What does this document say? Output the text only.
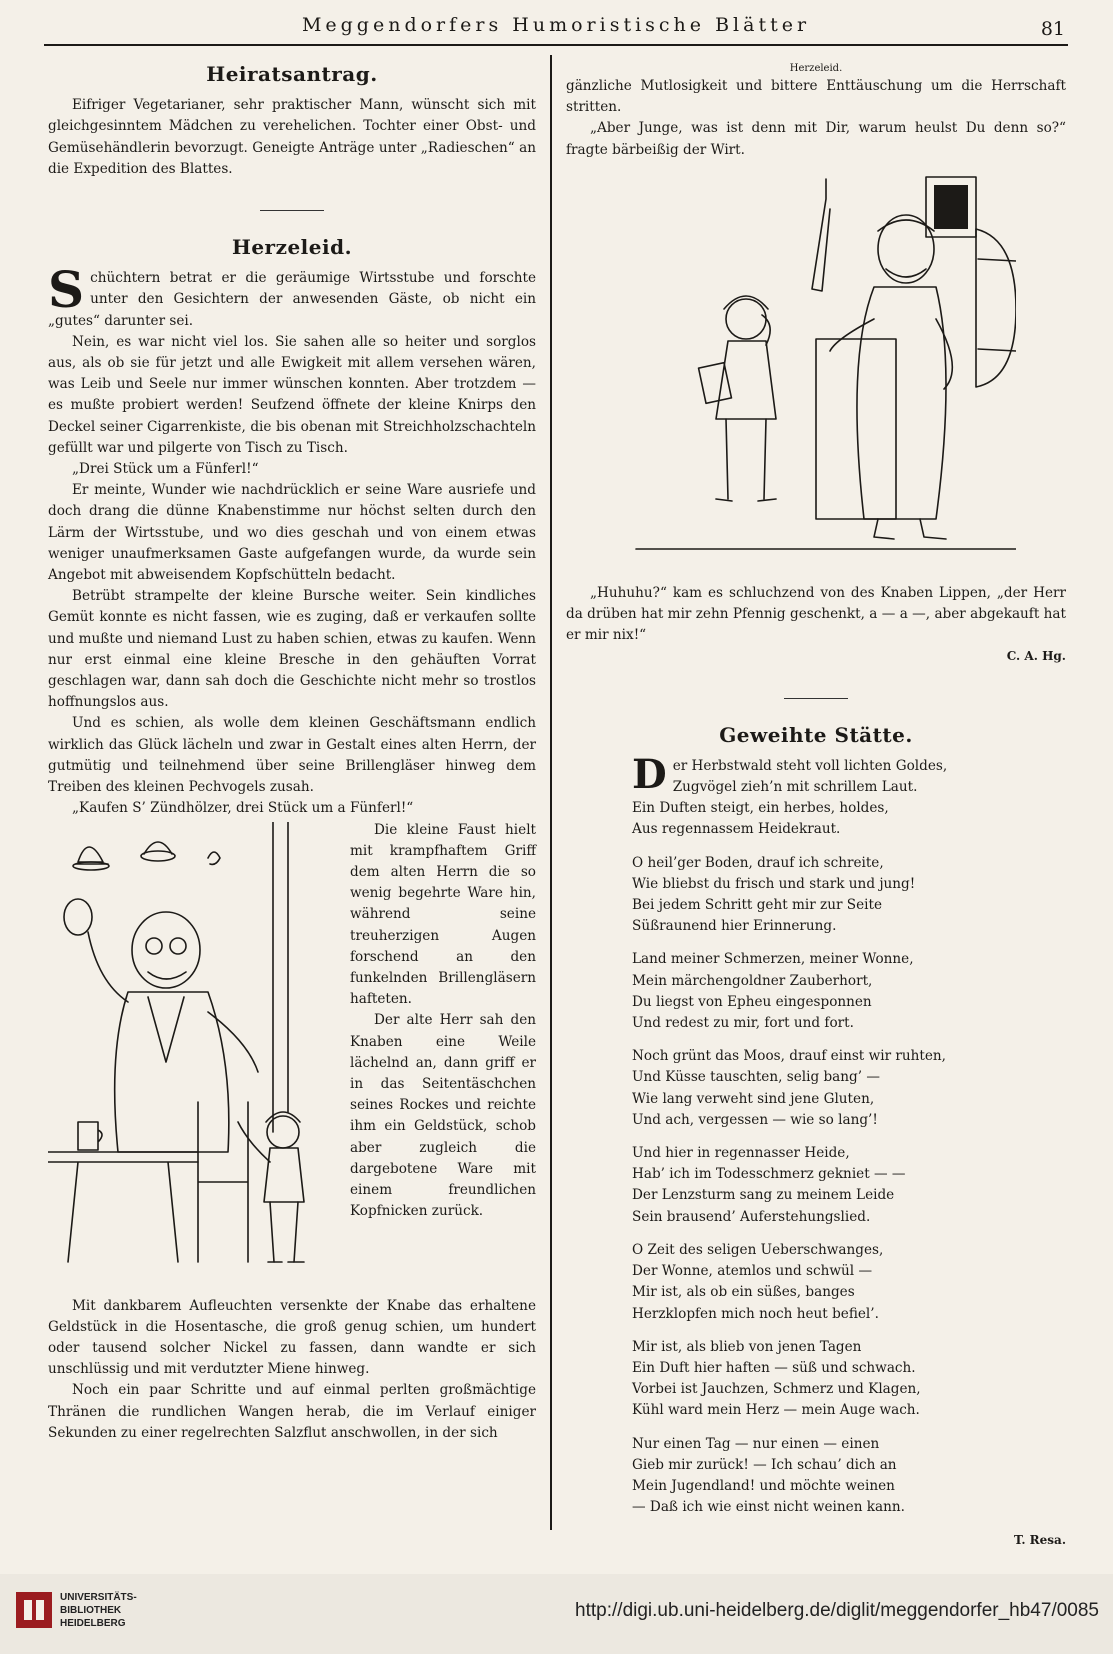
Meggendorfers Humoristische Blätter	81
Heiratsantrag.

Eifriger Vegetarianer, sehr praktischer Mann, wünscht sich mit gleichgesinntem Mädchen zu verehelichen. Tochter einer Obst- und Gemüsehändlerin bevorzugt. Geneigte Anträge unter „Radieschen“ an die Expedition des Blattes.

Herzeleid.

Schüchtern betrat er die geräumige Wirtsstube und forschte unter den Gesichtern der anwesenden Gäste, ob nicht ein „gutes“ darunter sei.

Nein, es war nicht viel los. Sie sahen alle so heiter und sorglos aus, als ob sie für jetzt und alle Ewigkeit mit allem versehen wären, was Leib und Seele nur immer wünschen konnten. Aber trotzdem — es mußte probiert werden! Seufzend öffnete der kleine Knirps den Deckel seiner Cigarrenkiste, die bis obenan mit Streichholzschachteln gefüllt war und pilgerte von Tisch zu Tisch.

„Drei Stück um a Fünferl!“

Er meinte, Wunder wie nachdrücklich er seine Ware ausriefe und doch drang die dünne Knabenstimme nur höchst selten durch den Lärm der Wirtsstube, und wo dies geschah und von einem etwas weniger unaufmerksamen Gaste aufgefangen wurde, da wurde sein Angebot mit abweisendem Kopfschütteln bedacht.

Betrübt strampelte der kleine Bursche weiter. Sein kindliches Gemüt konnte es nicht fassen, wie es zuging, daß er verkaufen sollte und mußte und niemand Lust zu haben schien, etwas zu kaufen. Wenn nur erst einmal eine kleine Bresche in den gehäuften Vorrat geschlagen war, dann sah doch die Geschichte nicht mehr so trostlos hoffnungslos aus.

Und es schien, als wolle dem kleinen Geschäftsmann endlich wirklich das Glück lächeln und zwar in Gestalt eines alten Herrn, der gutmütig und teilnehmend über seine Brillengläser hinweg dem Treiben des kleinen Pechvogels zusah.

„Kaufen S’ Zündhölzer, drei Stück um a Fünferl!“

Die kleine Faust hielt mit krampfhaftem Griff dem alten Herrn die so wenig begehrte Ware hin, während seine treuherzigen Augen forschend an den funkelnden Brillengläsern hafteten.

Der alte Herr sah den Knaben eine Weile lächelnd an, dann griff er in das Seitentäschchen seines Rockes und reichte ihm ein Geldstück, schob aber zugleich die dargebotene Ware mit einem freundlichen Kopfnicken zurück.

Mit dankbarem Aufleuchten versenkte der Knabe das erhaltene Geldstück in die Hosentasche, die groß genug schien, um hundert oder tausend solcher Nickel zu fassen, dann wandte er sich unschlüssig und mit verdutzter Miene hinweg.

Noch ein paar Schritte und auf einmal perlten großmächtige Thränen die rundlichen Wangen herab, die im Verlauf einiger Sekunden zu einer regelrechten Salzflut anschwollen, in der sich

Herzeleid.

gänzliche Mutlosigkeit und bittere Enttäuschung um die Herrschaft stritten.

„Aber Junge, was ist denn mit Dir, warum heulst Du denn so?“ fragte bärbeißig der Wirt.

„Huhuhu?“ kam es schluchzend von des Knaben Lippen, „der Herr da drüben hat mir zehn Pfennig geschenkt, a — a —, aber abgekauft hat er mir nix!“

C. A. Hg.
Geweihte Stätte.

Der Herbstwald steht voll lichten Goldes,

Zugvögel zieh’n mit schrillem Laut.

Ein Duften steigt, ein herbes, holdes,

Aus regennassem Heidekraut.

O heil’ger Boden, drauf ich schreite,

Wie bliebst du frisch und stark und jung!

Bei jedem Schritt geht mir zur Seite

Süßraunend hier Erinnerung.

Land meiner Schmerzen, meiner Wonne,

Mein märchengoldner Zauberhort,

Du liegst von Epheu eingesponnen

Und redest zu mir, fort und fort.

Noch grünt das Moos, drauf einst wir ruhten,

Und Küsse tauschten, selig bang’ —

Wie lang verweht sind jene Gluten,

Und ach, vergessen — wie so lang’!

Und hier in regennasser Heide,

Hab’ ich im Todesschmerz gekniet — —

Der Lenzsturm sang zu meinem Leide

Sein brausend’ Auferstehungslied.

O Zeit des seligen Ueberschwanges,

Der Wonne, atemlos und schwül —

Mir ist, als ob ein süßes, banges

Herzklopfen mich noch heut befiel’.

Mir ist, als blieb von jenen Tagen

Ein Duft hier haften — süß und schwach.

Vorbei ist Jauchzen, Schmerz und Klagen,

Kühl ward mein Herz — mein Auge wach.

Nur einen Tag — nur einen — einen

Gieb mir zurück! — Ich schau’ dich an

Mein Jugendland! und möchte weinen

— Daß ich wie einst nicht weinen kann.

T. Resa.
UNIVERSITÄTS-
BIBLIOTHEK
HEIDELBERG
http://digi.ub.uni-heidelberg.de/diglit/meggendorfer_hb47/0085
